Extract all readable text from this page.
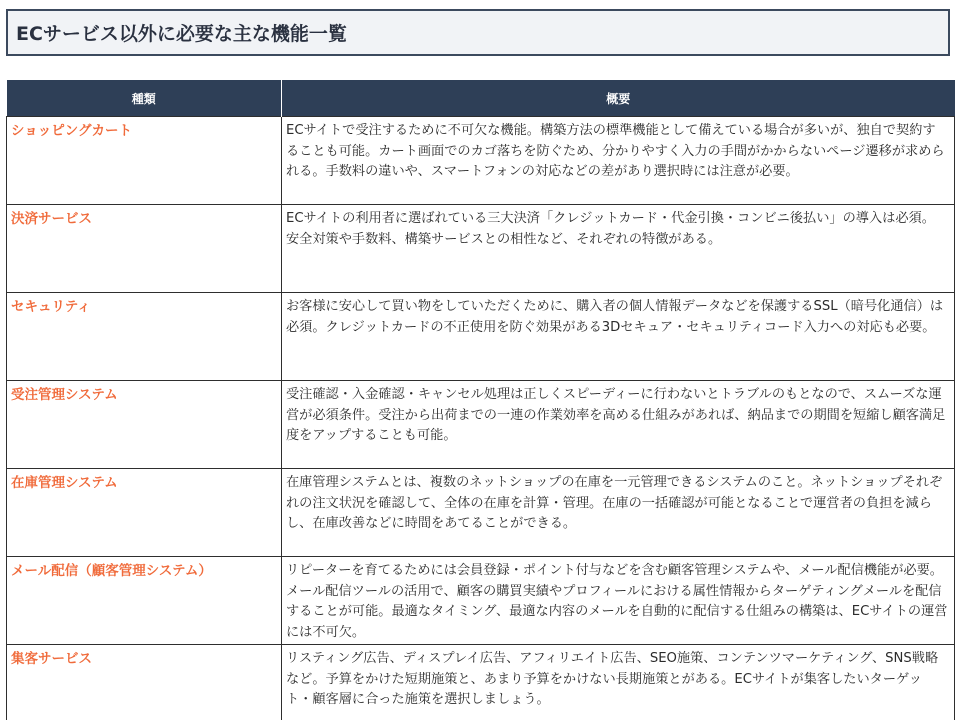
ECサービス以外に必要な主な機能一覧
種類	概要

ショッピングカート	ECサイトで受注するために不可欠な機能。構築方法の標準機能として備えている場合が多いが、独自で契約することも可能。カート画面でのカゴ落ちを防ぐため、分かりやすく入力の手間がかからないページ遷移が求められる。手数料の違いや、スマートフォンの対応などの差があり選択時には注意が必要。

決済サービス	ECサイトの利用者に選ばれている三大決済「クレジットカード・代金引換・コンビニ後払い」の導入は必須。安全対策や手数料、構築サービスとの相性など、それぞれの特徴がある。

セキュリティ	お客様に安心して買い物をしていただくために、購入者の個人情報データなどを保護するSSL（暗号化通信）は必須。クレジットカードの不正使用を防ぐ効果がある3Dセキュア・セキュリティコード入力への対応も必要。

受注管理システム	受注確認・入金確認・キャンセル処理は正しくスピーディーに行わないとトラブルのもとなので、スムーズな運営が必須条件。受注から出荷までの一連の作業効率を高める仕組みがあれば、納品までの期間を短縮し顧客満足度をアップすることも可能。

在庫管理システム	在庫管理システムとは、複数のネットショップの在庫を一元管理できるシステムのこと。ネットショップそれぞれの注文状況を確認して、全体の在庫を計算・管理。在庫の一括確認が可能となることで運営者の負担を減らし、在庫改善などに時間をあてることができる。

メール配信（顧客管理システム）	リピーターを育てるためには会員登録・ポイント付与などを含む顧客管理システムや、メール配信機能が必要。メール配信ツールの活用で、顧客の購買実績やプロフィールにおける属性情報からターゲティングメールを配信することが可能。最適なタイミング、最適な内容のメールを自動的に配信する仕組みの構築は、ECサイトの運営には不可欠。

集客サービス	リスティング広告、ディスプレイ広告、アフィリエイト広告、SEO施策、コンテンツマーケティング、SNS戦略など。予算をかけた短期施策と、あまり予算をかけない長期施策とがある。ECサイトが集客したいターゲット・顧客層に合った施策を選択しましょう。
